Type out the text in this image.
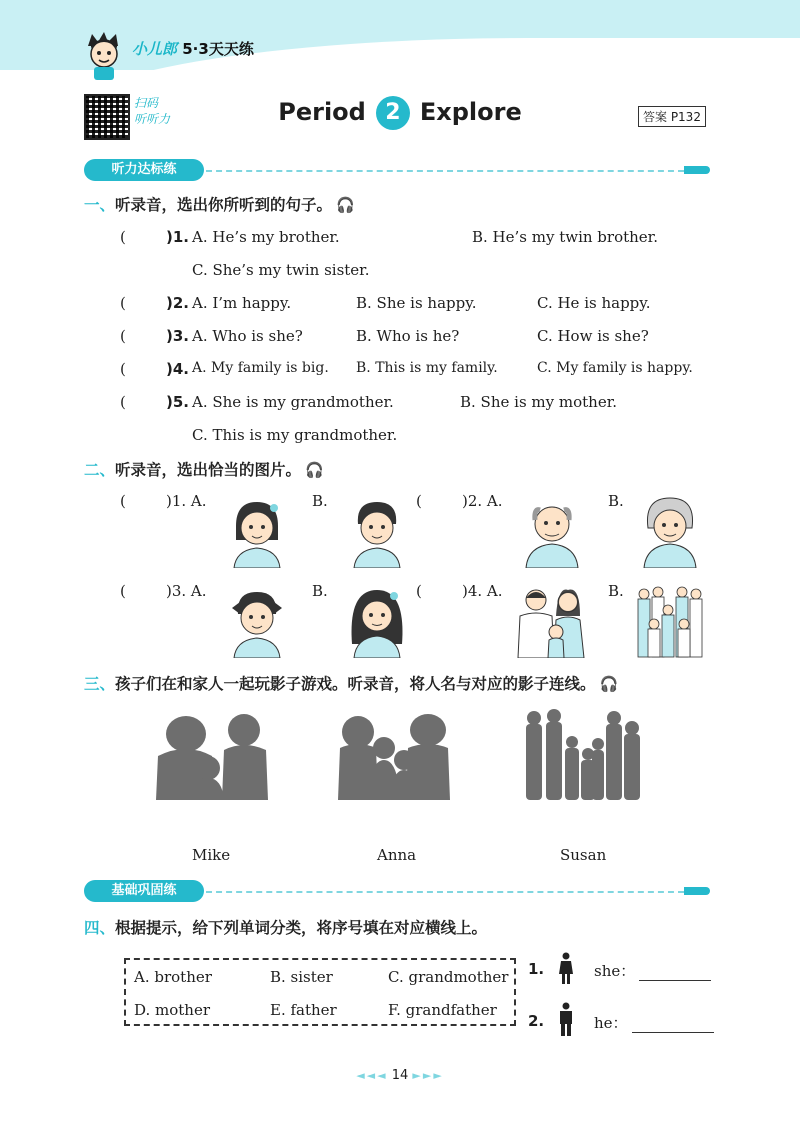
小儿郎 5·3天天练
扫码
听听力	Period 2 Explore	答案 P132
听力达标练
一、听录音，选出你所听到的句子。 🎧
(	)1. A. He’s my brother.	B. He’s my twin brother.
C. She’s my twin sister.
(	)2. A. I’m happy.	B. She is happy.	C. He is happy.
(	)3. A. Who is she?	B. Who is he?	C. How is she?
(	)4. A. My family is big. B. This is my family.	C. My family is happy.
(	)5. A. She is my grandmother.	B. She is my mother.
C. This is my grandmother.
二、听录音，选出恰当的图片。 🎧
(	)1. A.	B.	(	)2. A.	B.
(	)3. A.	B.	(	)4. A.	B.
三、孩子们在和家人一起玩影子游戏。听录音，将人名与对应的影子连线。 🎧
Mike	Anna	Susan
基础巩固练
四、根据提示，给下列单词分类，将序号填在对应横线上。
A. brother	B. sister	C. grandmother
D. mother	E. father	F. grandfather
1.	she：
2.	he：
◄◄◄ 14 ►►►
